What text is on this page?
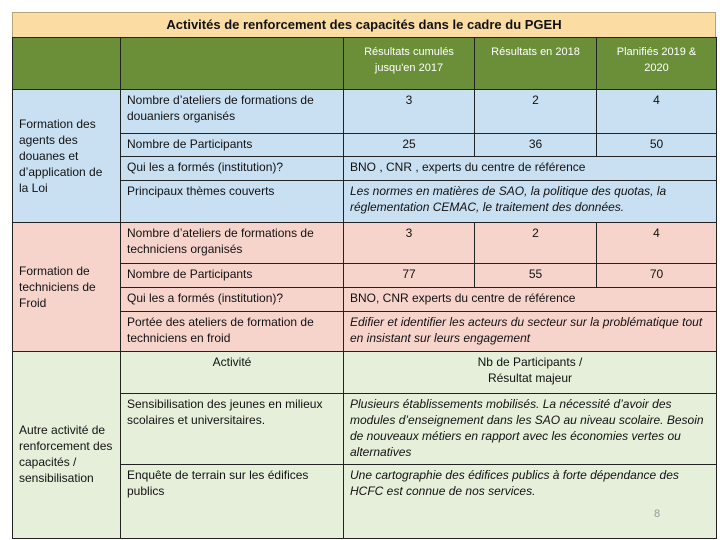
Activités de renforcement des capacités dans le cadre du PGEH
		Résultats cumulés jusqu'en 2017	Résultats en 2018	Planifiés 2019 & 2020
Formation des agents des douanes et d’application de la Loi	Nombre d’ateliers de formations de douaniers organisés	3	2	4
	Nombre de Participants	25	36	50
	Qui les a formés (institution)?	BNO , CNR , experts du centre de référence		
	Principaux thèmes couverts	Les normes en matières de SAO, la politique des quotas, la réglementation CEMAC, le traitement des données.		
Formation de techniciens de Froid	Nombre d’ateliers de formations de techniciens organisés	3	2	4
	Nombre de Participants	77	55	70
	Qui les a formés (institution)?	BNO, CNR experts du centre de référence		
	Portée des ateliers de formation de techniciens en froid	Edifier et identifier les acteurs du secteur sur la problématique tout en insistant sur leurs engagement		
Autre activité de renforcement des capacités / sensibilisation	Activité	Nb de Participants / Résultat majeur		
	Sensibilisation des jeunes en milieux scolaires et universitaires.	Plusieurs établissements mobilisés. La nécessité d’avoir des modules d’enseignement dans les SAO au niveau scolaire. Besoin de nouveaux métiers en rapport avec les économies vertes ou alternatives		
	Enquête de terrain sur les édifices publics	Une cartographie des édifices publics à forte dépendance des HCFC est connue de nos services.		
8
